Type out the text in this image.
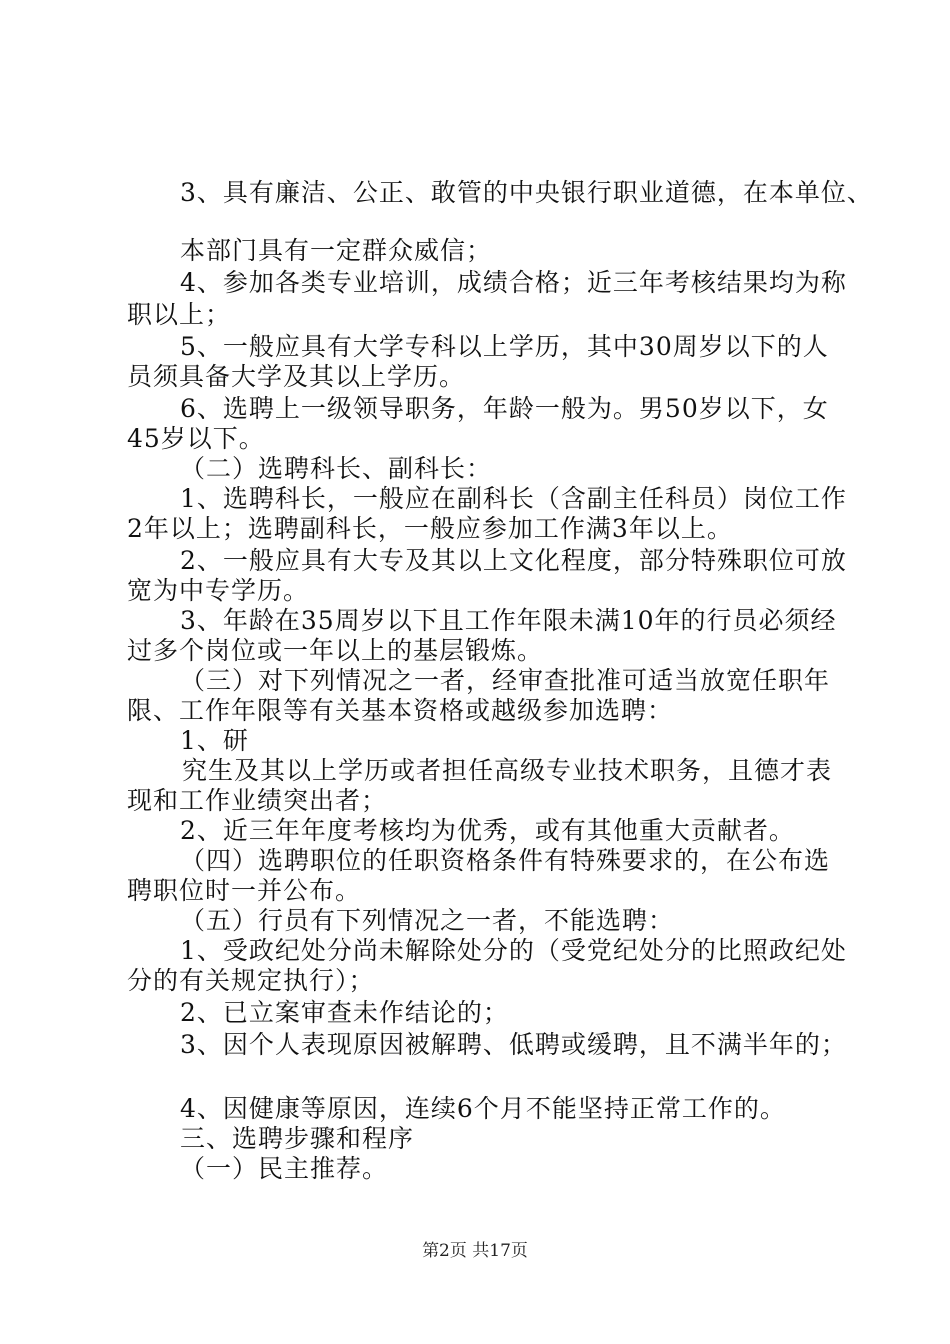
3、具有廉洁、公正、敢管的中央银行职业道德，在本单位、
本部门具有一定群众威信；
4、参加各类专业培训，成绩合格；近三年考核结果均为称
职以上；
5、一般应具有大学专科以上学历，其中30周岁以下的人
员须具备大学及其以上学历。
6、选聘上一级领导职务，年龄一般为。男50岁以下，女
45岁以下。
（二）选聘科长、副科长：
1、选聘科长，一般应在副科长（含副主任科员）岗位工作
2年以上；选聘副科长，一般应参加工作满3年以上。
2、一般应具有大专及其以上文化程度，部分特殊职位可放
宽为中专学历。
3、年龄在35周岁以下且工作年限未满10年的行员必须经
过多个岗位或一年以上的基层锻炼。
（三）对下列情况之一者，经审查批准可适当放宽任职年
限、工作年限等有关基本资格或越级参加选聘：
1、研
究生及其以上学历或者担任高级专业技术职务，且德才表
现和工作业绩突出者；
2、近三年年度考核均为优秀，或有其他重大贡献者。
（四）选聘职位的任职资格条件有特殊要求的，在公布选
聘职位时一并公布。
（五）行员有下列情况之一者，不能选聘：
1、受政纪处分尚未解除处分的（受党纪处分的比照政纪处
分的有关规定执行）；
2、已立案审查未作结论的；
3、因个人表现原因被解聘、低聘或缓聘，且不满半年的；
4、因健康等原因，连续6个月不能坚持正常工作的。
三、选聘步骤和程序
（一）民主推荐。
第2页 共17页
